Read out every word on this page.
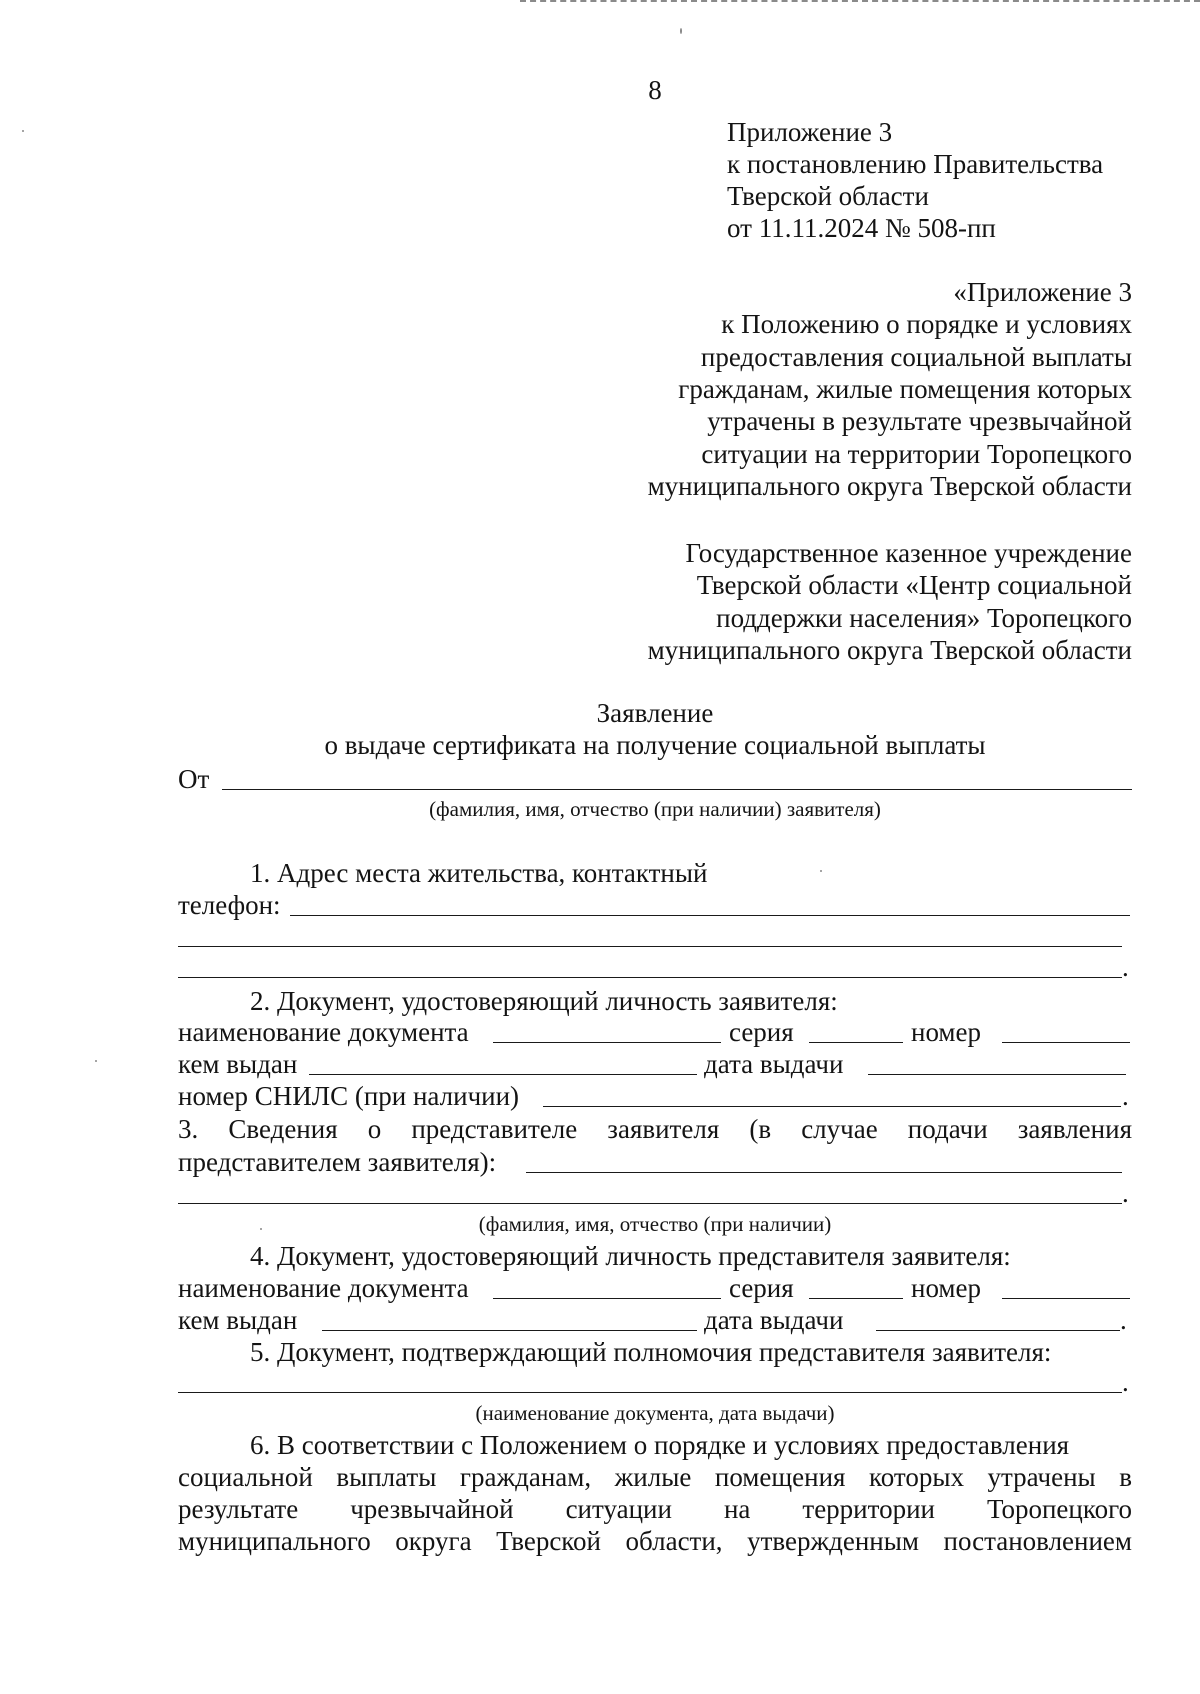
8
Приложение 3
к постановлению Правительства
Тверской области
от 11.11.2024 № 508-пп
«Приложение 3
к Положению о порядке и условиях
предоставления социальной выплаты
гражданам, жилые помещения которых
утрачены в результате чрезвычайной
ситуации на территории Торопецкого
муниципального округа Тверской области
Государственное казенное учреждение
Тверской области «Центр социальной
поддержки населения» Торопецкого
муниципального округа Тверской области
Заявление
о выдаче сертификата на получение социальной выплаты
От
(фамилия, имя, отчество (при наличии) заявителя)
1. Адрес места жительства, контактный
телефон:
.
2. Документ, удостоверяющий личность заявителя:
наименование документа	серия	номер
кем выдан	дата выдачи
номер СНИЛС (при наличии)	.
3. Сведения о представителе заявителя (в случае подачи заявления
представителем заявителя):
.
(фамилия, имя, отчество (при наличии)
4. Документ, удостоверяющий личность представителя заявителя:
наименование документа	серия	номер
кем выдан	дата выдачи	.
5. Документ, подтверждающий полномочия представителя заявителя:
.
(наименование документа, дата выдачи)
6. В соответствии с Положением о порядке и условиях предоставления
социальной выплаты гражданам, жилые помещения которых утрачены в
результате чрезвычайной ситуации на территории Торопецкого
муниципального округа Тверской области, утвержденным постановлением
